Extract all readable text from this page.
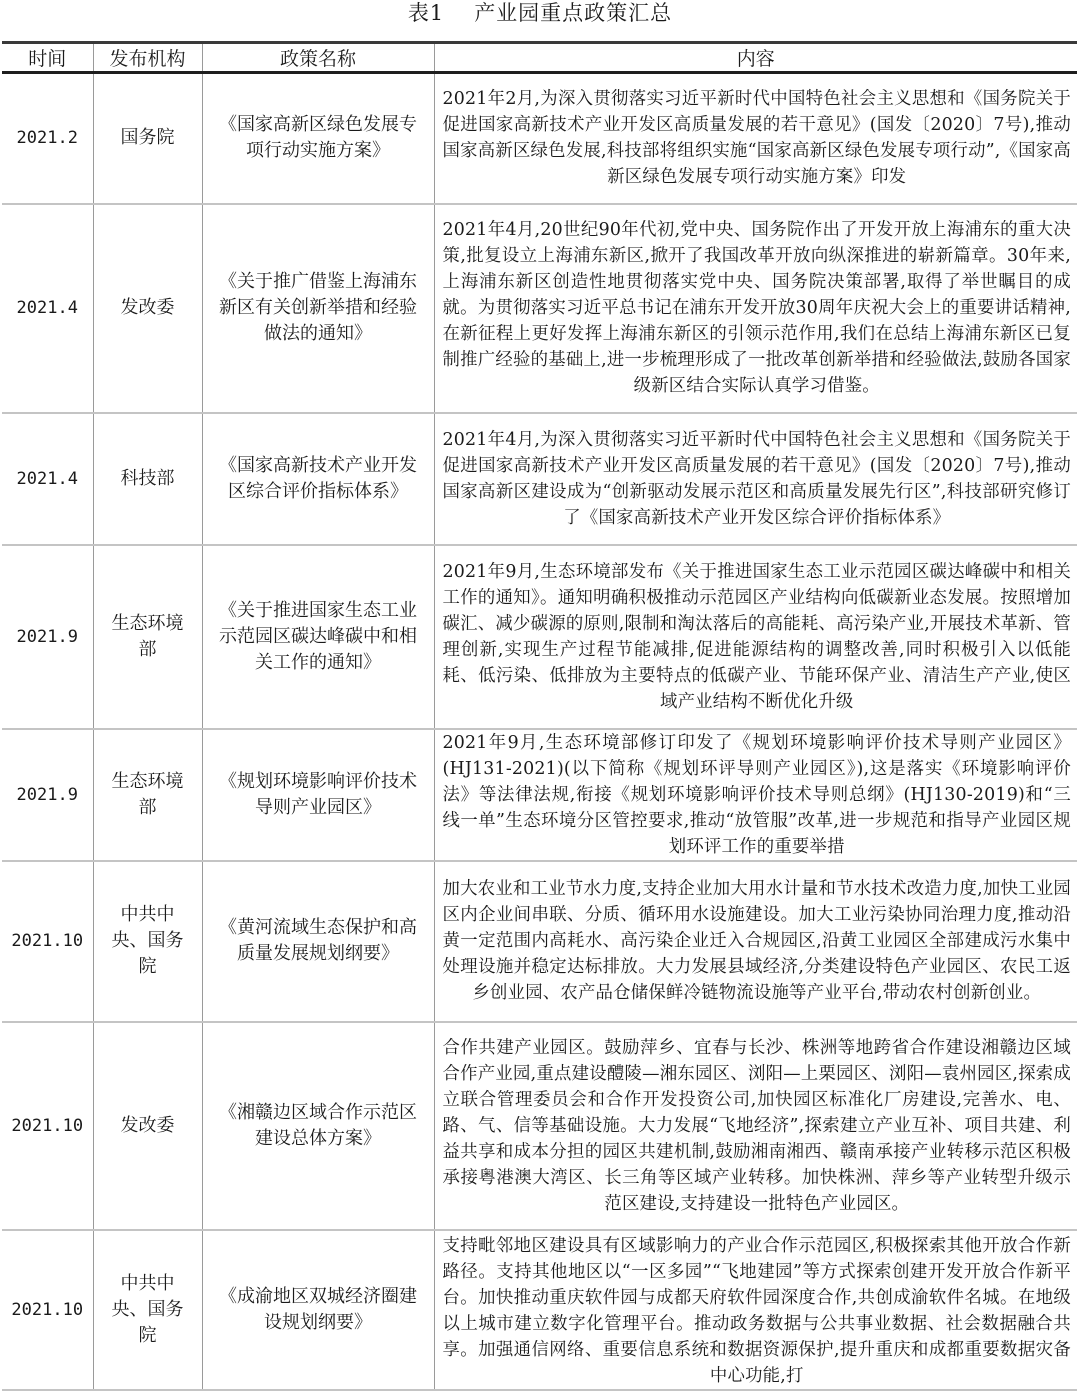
表1 产业园重点政策汇总
时间	发布机构	政策名称	内容
2021.2	国务院	《国家高新区绿色发展专项行动实施方案》	2021年2月,为深入贯彻落实习近平新时代中国特色社会主义思想和《国务院关于促进国家高新技术产业开发区高质量发展的若干意见》(国发〔2020〕7号),推动国家高新区绿色发展,科技部将组织实施“国家高新区绿色发展专项行动”,《国家高新区绿色发展专项行动实施方案》印发
2021.4	发改委	《关于推广借鉴上海浦东新区有关创新举措和经验做法的通知》	2021年4月,20世纪90年代初,党中央、国务院作出了开发开放上海浦东的重大决策,批复设立上海浦东新区,掀开了我国改革开放向纵深推进的崭新篇章。30年来,上海浦东新区创造性地贯彻落实党中央、国务院决策部署,取得了举世瞩目的成就。为贯彻落实习近平总书记在浦东开发开放30周年庆祝大会上的重要讲话精神,在新征程上更好发挥上海浦东新区的引领示范作用,我们在总结上海浦东新区已复制推广经验的基础上,进一步梳理形成了一批改革创新举措和经验做法,鼓励各国家级新区结合实际认真学习借鉴。
2021.4	科技部	《国家高新技术产业开发区综合评价指标体系》	2021年4月,为深入贯彻落实习近平新时代中国特色社会主义思想和《国务院关于促进国家高新技术产业开发区高质量发展的若干意见》(国发〔2020〕7号),推动国家高新区建设成为“创新驱动发展示范区和高质量发展先行区”,科技部研究修订了《国家高新技术产业开发区综合评价指标体系》
2021.9	生态环境部	《关于推进国家生态工业示范园区碳达峰碳中和相关工作的通知》	2021年9月,生态环境部发布《关于推进国家生态工业示范园区碳达峰碳中和相关工作的通知》。通知明确积极推动示范园区产业结构向低碳新业态发展。按照增加碳汇、减少碳源的原则,限制和淘汰落后的高能耗、高污染产业,开展技术革新、管理创新,实现生产过程节能减排,促进能源结构的调整改善,同时积极引入以低能耗、低污染、低排放为主要特点的低碳产业、节能环保产业、清洁生产产业,使区域产业结构不断优化升级
2021.9	生态环境部	《规划环境影响评价技术导则产业园区》	2021年9月,生态环境部修订印发了《规划环境影响评价技术导则产业园区》(HJ131-2021)(以下简称《规划环评导则产业园区》),这是落实《环境影响评价法》等法律法规,衔接《规划环境影响评价技术导则总纲》(HJ130-2019)和“三线一单”生态环境分区管控要求,推动“放管服”改革,进一步规范和指导产业园区规划环评工作的重要举措
2021.10	中共中央、国务院	《黄河流域生态保护和高质量发展规划纲要》	加大农业和工业节水力度,支持企业加大用水计量和节水技术改造力度,加快工业园区内企业间串联、分质、循环用水设施建设。加大工业污染协同治理力度,推动沿黄一定范围内高耗水、高污染企业迁入合规园区,沿黄工业园区全部建成污水集中处理设施并稳定达标排放。大力发展县域经济,分类建设特色产业园区、农民工返乡创业园、农产品仓储保鲜冷链物流设施等产业平台,带动农村创新创业。
2021.10	发改委	《湘赣边区域合作示范区建设总体方案》	合作共建产业园区。鼓励萍乡、宜春与长沙、株洲等地跨省合作建设湘赣边区域合作产业园,重点建设醴陵—湘东园区、浏阳—上栗园区、浏阳—袁州园区,探索成立联合管理委员会和合作开发投资公司,加快园区标准化厂房建设,完善水、电、路、气、信等基础设施。大力发展“飞地经济”,探索建立产业互补、项目共建、利益共享和成本分担的园区共建机制,鼓励湘南湘西、赣南承接产业转移示范区积极承接粤港澳大湾区、长三角等区域产业转移。加快株洲、萍乡等产业转型升级示范区建设,支持建设一批特色产业园区。
2021.10	中共中央、国务院	《成渝地区双城经济圈建设规划纲要》	支持毗邻地区建设具有区域影响力的产业合作示范园区,积极探索其他开放合作新路径。支持其他地区以“一区多园”“飞地建园”等方式探索创建开发开放合作新平台。加快推动重庆软件园与成都天府软件园深度合作,共创成渝软件名城。在地级以上城市建立数字化管理平台。推动政务数据与公共事业数据、社会数据融合共享。加强通信网络、重要信息系统和数据资源保护,提升重庆和成都重要数据灾备中心功能,打
